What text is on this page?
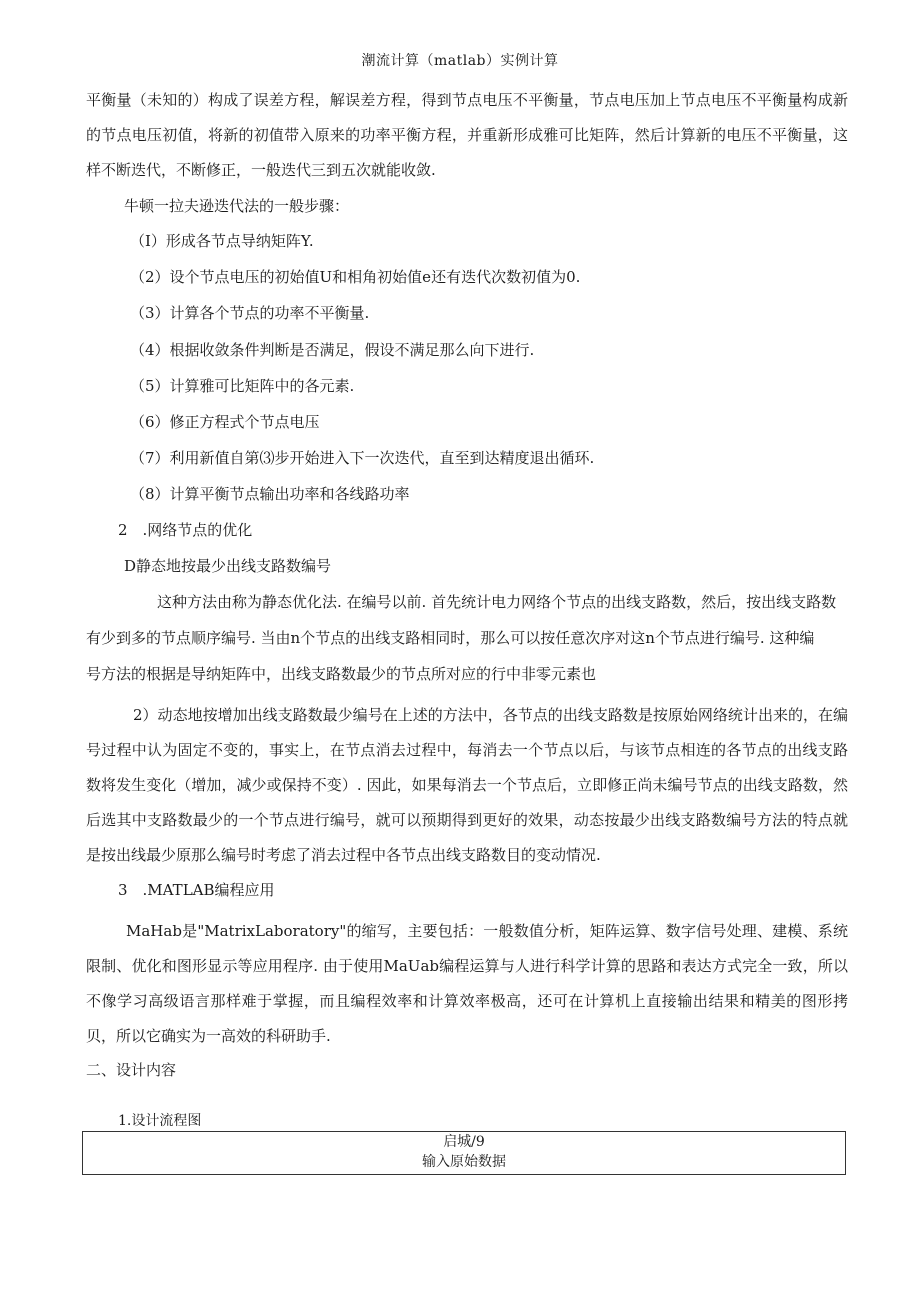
潮流计算（matlab）实例计算

平衡量（未知的）构成了误差方程，解误差方程，得到节点电压不平衡量，节点电压加上节点电压不平衡量构成新的节点电压初值，将新的初值带入原来的功率平衡方程，并重新形成雅可比矩阵，然后计算新的电压不平衡量，这样不断迭代，不断修正，一般迭代三到五次就能收敛.

牛顿一拉夫逊迭代法的一般步骤：

（I）形成各节点导纳矩阵Y.

（2）设个节点电压的初始值U和相角初始值e还有迭代次数初值为0.

（3）计算各个节点的功率不平衡量.

（4）根据收敛条件判断是否满足，假设不满足那么向下进行.

（5）计算雅可比矩阵中的各元素.

（6）修正方程式个节点电压

（7）利用新值自第⑶步开始进入下一次迭代，直至到达精度退出循环.

（8）计算平衡节点输出功率和各线路功率

2　.网络节点的优化

D静态地按最少出线支路数编号

这种方法由称为静态优化法. 在编号以前. 首先统计电力网络个节点的出线支路数，然后，按出线支路数

有少到多的节点顺序编号. 当由n个节点的出线支路相同时，那么可以按任意次序对这n个节点进行编号. 这种编

号方法的根据是导纳矩阵中，出线支路数最少的节点所对应的行中非零元素也

2）动态地按增加出线支路数最少编号在上述的方法中，各节点的出线支路数是按原始网络统计出来的，在编号过程中认为固定不变的，事实上，在节点消去过程中，每消去一个节点以后，与该节点相连的各节点的出线支路数将发生变化（增加，减少或保持不变）. 因此，如果每消去一个节点后，立即修正尚未编号节点的出线支路数，然后选其中支路数最少的一个节点进行编号，就可以预期得到更好的效果，动态按最少出线支路数编号方法的特点就是按出线最少原那么编号时考虑了消去过程中各节点出线支路数目的变动情况.

3　.MATLAB编程应用

MaHab是"MatrixLaboratory"的缩写，主要包括：一般数值分析，矩阵运算、数字信号处理、建模、系统限制、优化和图形显示等应用程序. 由于使用MaUab编程运算与人进行科学计算的思路和表达方式完全一致，所以不像学习高级语言那样难于掌握，而且编程效率和计算效率极高，还可在计算机上直接输出结果和精美的图形拷贝，所以它确实为一高效的科研助手.

二、设计内容

1.设计流程图

启城/9
输入原始数据
